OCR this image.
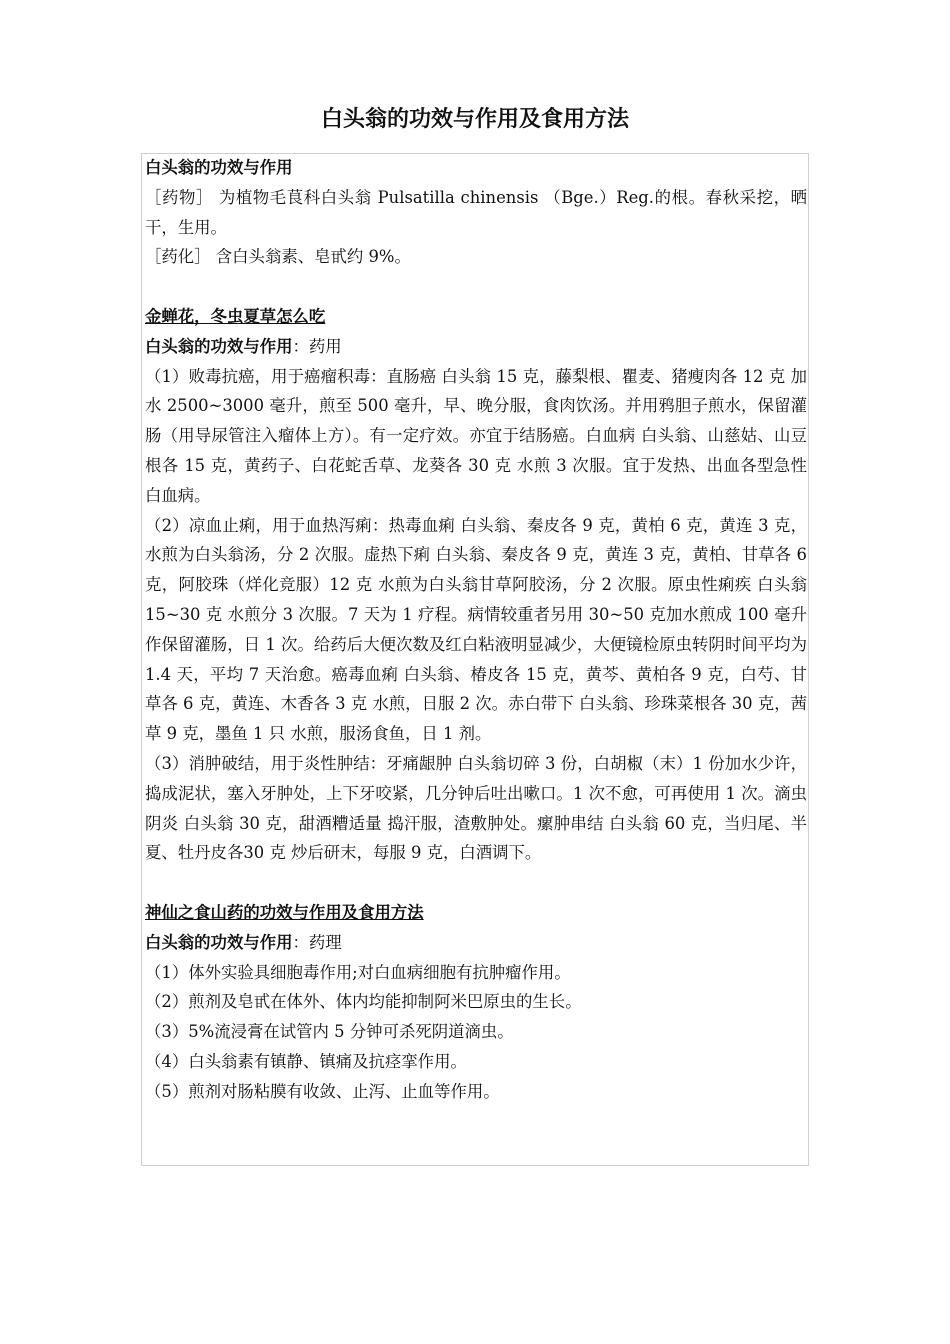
白头翁的功效与作用及食用方法

白头翁的功效与作用

［药物］ 为植物毛茛科白头翁 Pulsatilla chinensis （Bge.）Reg.的根。春秋采挖，晒干，生用。

［药化］ 含白头翁素、皂甙约 9%。

金蝉花，冬虫夏草怎么吃

白头翁的功效与作用：药用

（1）败毒抗癌，用于癌瘤积毒：直肠癌 白头翁 15 克，藤梨根、瞿麦、猪瘦肉各 12 克 加水 2500~3000 毫升，煎至 500 毫升，早、晚分服，食肉饮汤。并用鸦胆子煎水，保留灌肠（用导尿管注入瘤体上方）。有一定疗效。亦宜于结肠癌。白血病 白头翁、山慈姑、山豆根各 15 克，黄药子、白花蛇舌草、龙葵各 30 克 水煎 3 次服。宜于发热、出血各型急性白血病。

（2）凉血止痢，用于血热泻痢：热毒血痢 白头翁、秦皮各 9 克，黄柏 6 克，黄连 3 克，水煎为白头翁汤，分 2 次服。虚热下痢 白头翁、秦皮各 9 克，黄连 3 克，黄柏、甘草各 6 克，阿胶珠（烊化竞服）12 克 水煎为白头翁甘草阿胶汤，分 2 次服。原虫性痢疾 白头翁 15~30 克 水煎分 3 次服。7 天为 1 疗程。病情较重者另用 30~50 克加水煎成 100 毫升作保留灌肠，日 1 次。给药后大便次数及红白粘液明显减少，大便镜检原虫转阴时间平均为 1.4 天，平均 7 天治愈。癌毒血痢 白头翁、椿皮各 15 克，黄芩、黄柏各 9 克，白芍、甘草各 6 克，黄连、木香各 3 克 水煎，日服 2 次。赤白带下 白头翁、珍珠菜根各 30 克，茜草 9 克，墨鱼 1 只 水煎，服汤食鱼，日 1 剂。

（3）消肿破结，用于炎性肿结：牙痛龈肿 白头翁切碎 3 份，白胡椒（末）1 份加水少许，捣成泥状，塞入牙肿处，上下牙咬紧，几分钟后吐出嗽口。1 次不愈，可再使用 1 次。滴虫阴炎 白头翁 30 克，甜酒糟适量 捣汗服，渣敷肿处。瘰肿串结 白头翁 60 克，当归尾、半夏、牡丹皮各30 克 炒后研末，每服 9 克，白酒调下。

神仙之食山药的功效与作用及食用方法

白头翁的功效与作用：药理

（1）体外实验具细胞毒作用;对白血病细胞有抗肿瘤作用。

（2）煎剂及皂甙在体外、体内均能抑制阿米巴原虫的生长。

（3）5%流浸膏在试管内 5 分钟可杀死阴道滴虫。

（4）白头翁素有镇静、镇痛及抗痉挛作用。

（5）煎剂对肠粘膜有收敛、止泻、止血等作用。
